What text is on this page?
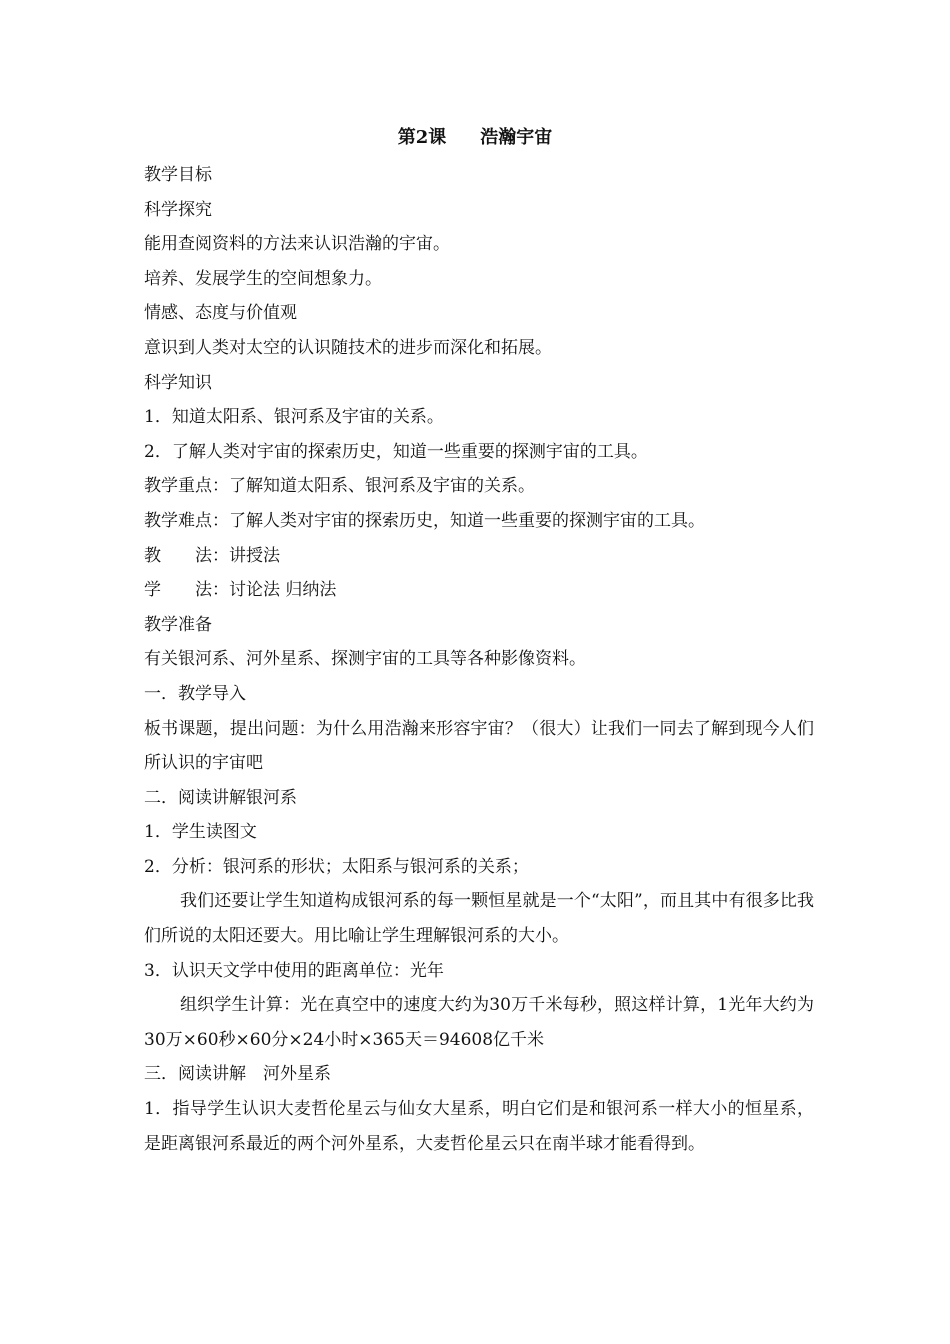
第2课 浩瀚宇宙
教学目标
科学探究
能用查阅资料的方法来认识浩瀚的宇宙。
培养、发展学生的空间想象力。
情感、态度与价值观
意识到人类对太空的认识随技术的进步而深化和拓展。
科学知识
1．知道太阳系、银河系及宇宙的关系。
2．了解人类对宇宙的探索历史，知道一些重要的探测宇宙的工具。
教学重点：了解知道太阳系、银河系及宇宙的关系。
教学难点：了解人类对宇宙的探索历史，知道一些重要的探测宇宙的工具。
教　　法：讲授法
学　　法：讨论法 归纳法
教学准备
有关银河系、河外星系、探测宇宙的工具等各种影像资料。
一．教学导入
板书课题，提出问题：为什么用浩瀚来形容宇宙？（很大）让我们一同去了解到现今人们所认识的宇宙吧
二．阅读讲解银河系
1．学生读图文
2．分析：银河系的形状；太阳系与银河系的关系；
我们还要让学生知道构成银河系的每一颗恒星就是一个“太阳”，而且其中有很多比我们所说的太阳还要大。用比喻让学生理解银河系的大小。
3．认识天文学中使用的距离单位：光年
组织学生计算：光在真空中的速度大约为30万千米每秒，照这样计算，1光年大约为 30万×60秒×60分×24小时×365天＝94608亿千米
三．阅读讲解　河外星系
1．指导学生认识大麦哲伦星云与仙女大星系，明白它们是和银河系一样大小的恒星系，是距离银河系最近的两个河外星系，大麦哲伦星云只在南半球才能看得到。
